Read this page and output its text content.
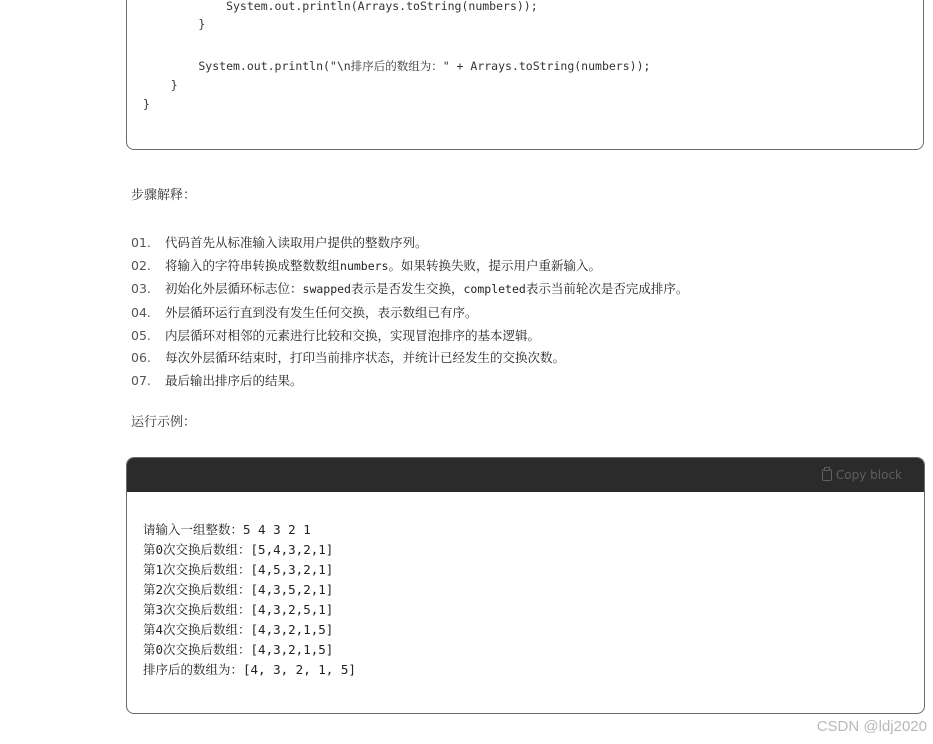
System.out.println(Arrays.toString(numbers));
}
System.out.println("\n排序后的数组为：" + Arrays.toString(numbers));
}
}
步骤解释：
01. 代码首先从标准输入读取用户提供的整数序列。
02. 将输入的字符串转换成整数数组numbers。如果转换失败，提示用户重新输入。
03. 初始化外层循环标志位：swapped表示是否发生交换，completed表示当前轮次是否完成排序。
04. 外层循环运行直到没有发生任何交换，表示数组已有序。
05. 内层循环对相邻的元素进行比较和交换，实现冒泡排序的基本逻辑。
06. 每次外层循环结束时，打印当前排序状态，并统计已经发生的交换次数。
07. 最后输出排序后的结果。
运行示例：
Copy block
请输入一组整数：5 4 3 2 1
第0次交换后数组：[5,4,3,2,1]
第1次交换后数组：[4,5,3,2,1]
第2次交换后数组：[4,3,5,2,1]
第3次交换后数组：[4,3,2,5,1]
第4次交换后数组：[4,3,2,1,5]
第0次交换后数组：[4,3,2,1,5]
排序后的数组为：[4, 3, 2, 1, 5]
CSDN @ldj2020
